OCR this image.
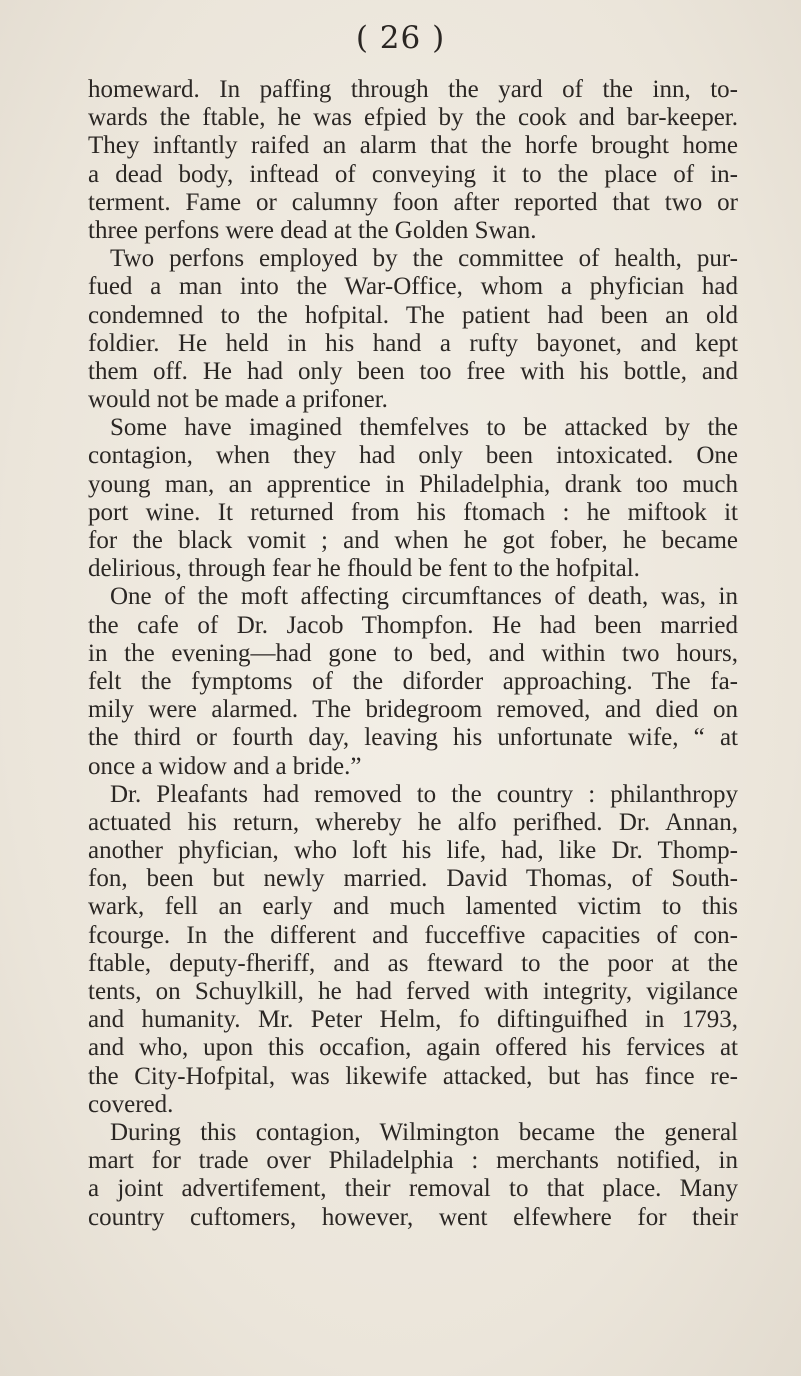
( 26 )
homeward. In paffing through the yard of the inn, to-
wards the ftable, he was efpied by the cook and bar-keeper.
They inftantly raifed an alarm that the horfe brought home
a dead body, inftead of conveying it to the place of in-
terment. Fame or calumny foon after reported that two or
three perfons were dead at the Golden Swan.
Two perfons employed by the committee of health, pur-
fued a man into the War-Office, whom a phyfician had
condemned to the hofpital. The patient had been an old
foldier. He held in his hand a rufty bayonet, and kept
them off. He had only been too free with his bottle, and
would not be made a prifoner.
Some have imagined themfelves to be attacked by the
contagion, when they had only been intoxicated. One
young man, an apprentice in Philadelphia, drank too much
port wine. It returned from his ftomach : he miftook it
for the black vomit ; and when he got fober, he became
delirious, through fear he fhould be fent to the hofpital.
One of the moft affecting circumftances of death, was, in
the cafe of Dr. Jacob Thompfon. He had been married
in the evening—had gone to bed, and within two hours,
felt the fymptoms of the diforder approaching. The fa-
mily were alarmed. The bridegroom removed, and died on
the third or fourth day, leaving his unfortunate wife, “ at
once a widow and a bride.”
Dr. Pleafants had removed to the country : philanthropy
actuated his return, whereby he alfo perifhed. Dr. Annan,
another phyfician, who loft his life, had, like Dr. Thomp-
fon, been but newly married. David Thomas, of South-
wark, fell an early and much lamented victim to this
fcourge. In the different and fucceffive capacities of con-
ftable, deputy-fheriff, and as fteward to the poor at the
tents, on Schuylkill, he had ferved with integrity, vigilance
and humanity. Mr. Peter Helm, fo diftinguifhed in 1793,
and who, upon this occafion, again offered his fervices at
the City-Hofpital, was likewife attacked, but has fince re-
covered.
During this contagion, Wilmington became the general
mart for trade over Philadelphia : merchants notified, in
a joint advertifement, their removal to that place. Many
country cuftomers, however, went elfewhere for their
